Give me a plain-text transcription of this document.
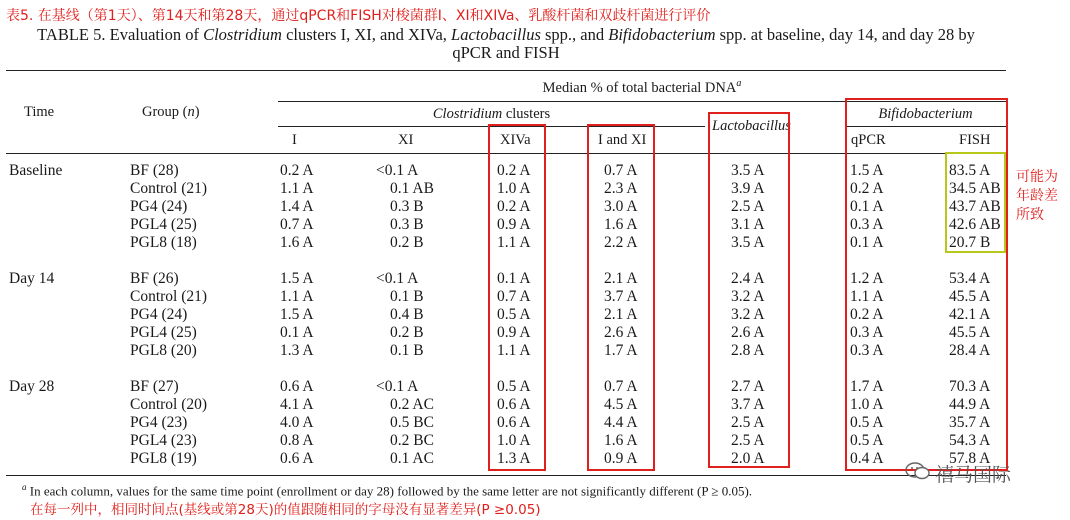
表5. 在基线（第1天）、第14天和第28天，通过qPCR和FISH对梭菌群I、XI和XIVa、乳酸杆菌和双歧杆菌进行评价
TABLE 5. Evaluation of Clostridium clusters I, XI, and XIVa, Lactobacillus spp., and Bifidobacterium spp. at baseline, day 14, and day 28 by
qPCR and FISH
Time	Group (n)
Median % of total bacterial DNA$^a$
Clostridium clusters
Lactobacillus
Bifidobacterium
I	XI	XIVa	I and XI	qPCR	FISH
Baseline	BF (28)	0.2 A	<0.1 A	0.2 A	0.7 A	3.5 A	1.5 A	83.5 A
Control (21)	1.1 A	0.1 AB	1.0 A	2.3 A	3.9 A	0.2 A	34.5 AB
PG4 (24)	1.4 A	0.3 B	0.2 A	3.0 A	2.5 A	0.1 A	43.7 AB
PGL4 (25)	0.7 A	0.3 B	0.9 A	1.6 A	3.1 A	0.3 A	42.6 AB
PGL8 (18)	1.6 A	0.2 B	1.1 A	2.2 A	3.5 A	0.1 A	20.7 B
Day 14	BF (26)	1.5 A	<0.1 A	0.1 A	2.1 A	2.4 A	1.2 A	53.4 A
Control (21)	1.1 A	0.1 B	0.7 A	3.7 A	3.2 A	1.1 A	45.5 A
PG4 (24)	1.5 A	0.4 B	0.5 A	2.1 A	3.2 A	0.2 A	42.1 A
PGL4 (25)	0.1 A	0.2 B	0.9 A	2.6 A	2.6 A	0.3 A	45.5 A
PGL8 (20)	1.3 A	0.1 B	1.1 A	1.7 A	2.8 A	0.3 A	28.4 A
Day 28	BF (27)	0.6 A	<0.1 A	0.5 A	0.7 A	2.7 A	1.7 A	70.3 A
Control (20)	4.1 A	0.2 AC	0.6 A	4.5 A	3.7 A	1.0 A	44.9 A
PG4 (23)	4.0 A	0.5 BC	0.6 A	4.4 A	2.5 A	0.5 A	35.7 A
PGL4 (23)	0.8 A	0.2 BC	1.0 A	1.6 A	2.5 A	0.5 A	54.3 A
PGL8 (19)	0.6 A	0.1 AC	1.3 A	0.9 A	2.0 A	0.4 A	57.8 A
可能为
年龄差
所致
$^a$ In each column, values for the same time point (enrollment or day 28) followed by the same letter are not significantly different (P ≥ 0.05).
在每一列中，相同时间点(基线或第28天)的值跟随相同的字母没有显著差异(P ≥0.05)
禧马国际
